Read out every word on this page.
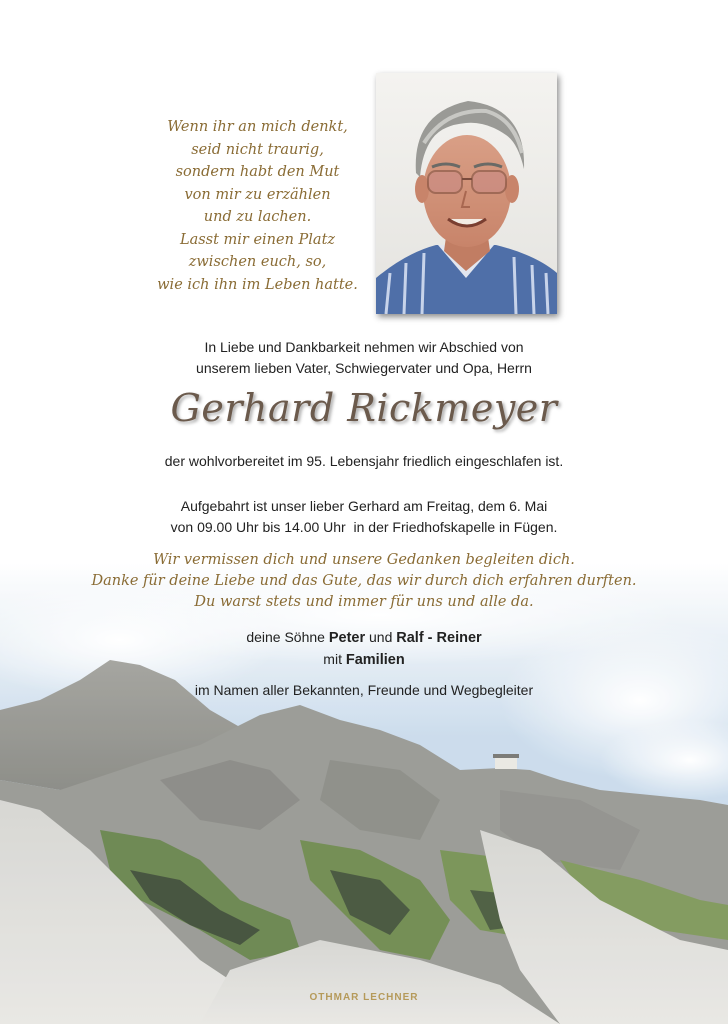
Wenn ihr an mich denkt,
seid nicht traurig,
sondern habt den Mut
von mir zu erzählen
und zu lachen.
Lasst mir einen Platz
zwischen euch, so,
wie ich ihn im Leben hatte.
In Liebe und Dankbarkeit nehmen wir Abschied von
unserem lieben Vater, Schwiegervater und Opa, Herrn
Gerhard Rickmeyer
der wohlvorbereitet im 95. Lebensjahr friedlich eingeschlafen ist.
Aufgebahrt ist unser lieber Gerhard am Freitag, dem 6. Mai
von 09.00 Uhr bis 14.00 Uhr  in der Friedhofskapelle in Fügen.
Wir vermissen dich und unsere Gedanken begleiten dich.
Danke für deine Liebe und das Gute, das wir durch dich erfahren durften.
Du warst stets und immer für uns und alle da.
deine Söhne Peter und Ralf - Reiner
mit Familien
im Namen aller Bekannten, Freunde und Wegbegleiter
OTHMAR LECHNER
